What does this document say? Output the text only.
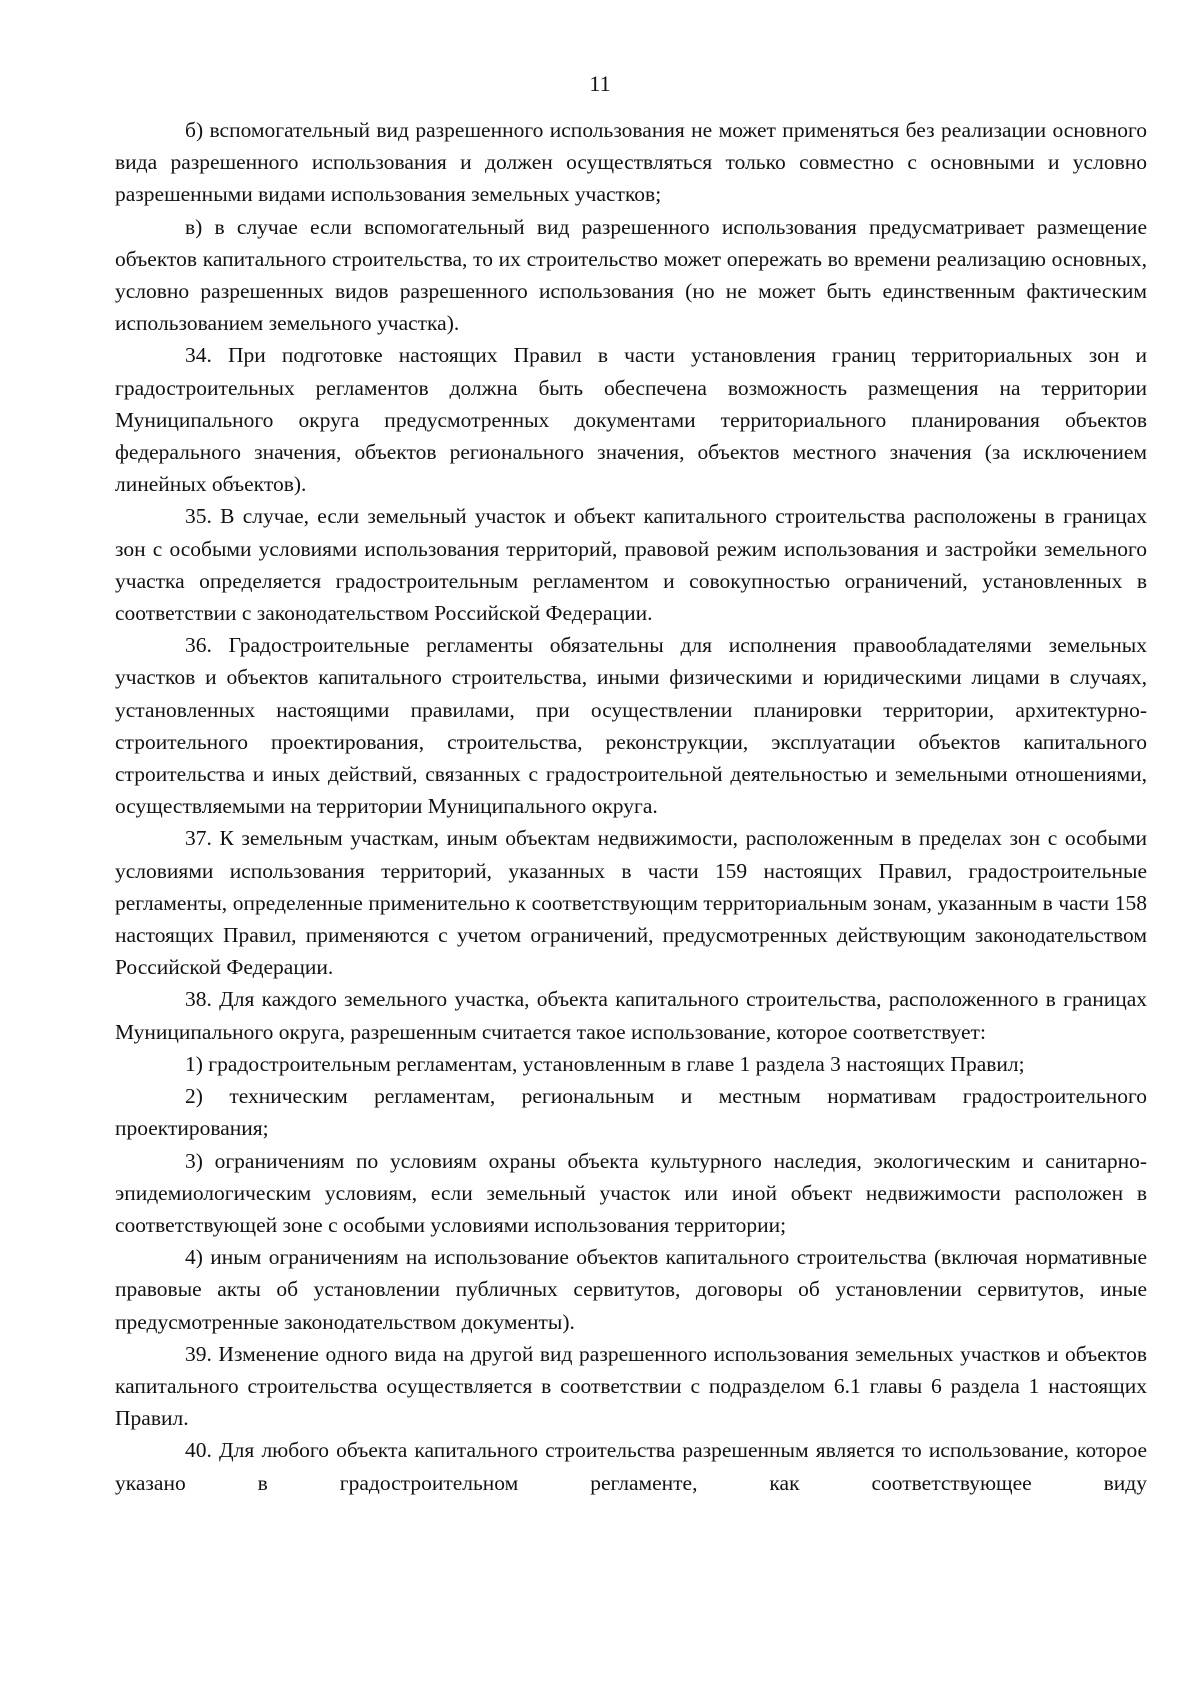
11

б) вспомогательный вид разрешенного использования не может применяться без реализации основного вида разрешенного использования и должен осуществляться только совместно с основными и условно разрешенными видами использования земельных участков;

в) в случае если вспомогательный вид разрешенного использования предусматривает размещение объектов капитального строительства, то их строительство может опережать во времени реализацию основных, условно разрешенных видов разрешенного использования (но не может быть единственным фактическим использованием земельного участка).

34. При подготовке настоящих Правил в части установления границ территориальных зон и градостроительных регламентов должна быть обеспечена возможность размещения на территории Муниципального округа предусмотренных документами территориального планирования объектов федерального значения, объектов регионального значения, объектов местного значения (за исключением линейных объектов).

35. В случае, если земельный участок и объект капитального строительства расположены в границах зон с особыми условиями использования территорий, правовой режим использования и застройки земельного участка определяется градостроительным регламентом и совокупностью ограничений, установленных в соответствии с законодательством Российской Федерации.

36. Градостроительные регламенты обязательны для исполнения правообладателями земельных участков и объектов капитального строительства, иными физическими и юридическими лицами в случаях, установленных настоящими правилами, при осуществлении планировки территории, архитектурно-строительного проектирования, строительства, реконструкции, эксплуатации объектов капитального строительства и иных действий, связанных с градостроительной деятельностью и земельными отношениями, осуществляемыми на территории Муниципального округа.

37. К земельным участкам, иным объектам недвижимости, расположенным в пределах зон с особыми условиями использования территорий, указанных в части 159 настоящих Правил, градостроительные регламенты, определенные применительно к соответствующим территориальным зонам, указанным в части 158 настоящих Правил, применяются с учетом ограничений, предусмотренных действующим законодательством Российской Федерации.

38. Для каждого земельного участка, объекта капитального строительства, расположенного в границах Муниципального округа, разрешенным считается такое использование, которое соответствует:

1) градостроительным регламентам, установленным в главе 1 раздела 3 настоящих Правил;

2) техническим регламентам, региональным и местным нормативам градостроительного проектирования;

3) ограничениям по условиям охраны объекта культурного наследия, экологическим и санитарно-эпидемиологическим условиям, если земельный участок или иной объект недвижимости расположен в соответствующей зоне с особыми условиями использования территории;

4) иным ограничениям на использование объектов капитального строительства (включая нормативные правовые акты об установлении публичных сервитутов, договоры об установлении сервитутов, иные предусмотренные законодательством документы).

39. Изменение одного вида на другой вид разрешенного использования земельных участков и объектов капитального строительства осуществляется в соответствии с подразделом 6.1 главы 6 раздела 1 настоящих Правил.

40. Для любого объекта капитального строительства разрешенным является то использование, которое указано в градостроительном регламенте, как соответствующее виду
